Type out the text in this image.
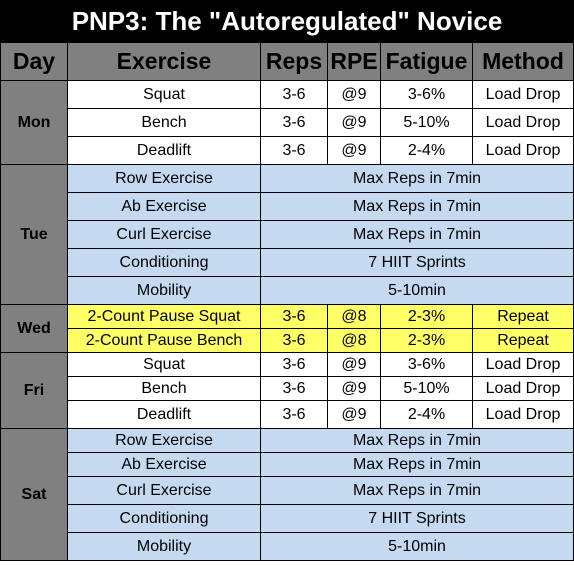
PNP3: The "Autoregulated" Novice					
Day	Exercise	Reps	RPE	Fatigue	Method
Mon	Squat	3-6	@9	3-6%	Load Drop
	Bench	3-6	@9	5-10%	Load Drop
	Deadlift	3-6	@9	2-4%	Load Drop
Tue	Row Exercise	Max Reps in 7min			
	Ab Exercise	Max Reps in 7min			
	Curl Exercise	Max Reps in 7min			
	Conditioning	7 HIIT Sprints			
	Mobility	5-10min			
Wed	2-Count Pause Squat	3-6	@8	2-3%	Repeat
	2-Count Pause Bench	3-6	@8	2-3%	Repeat
Fri	Squat	3-6	@9	3-6%	Load Drop
	Bench	3-6	@9	5-10%	Load Drop
	Deadlift	3-6	@9	2-4%	Load Drop
Sat	Row Exercise	Max Reps in 7min			
	Ab Exercise	Max Reps in 7min			
	Curl Exercise	Max Reps in 7min			
	Conditioning	7 HIIT Sprints			
	Mobility	5-10min			
